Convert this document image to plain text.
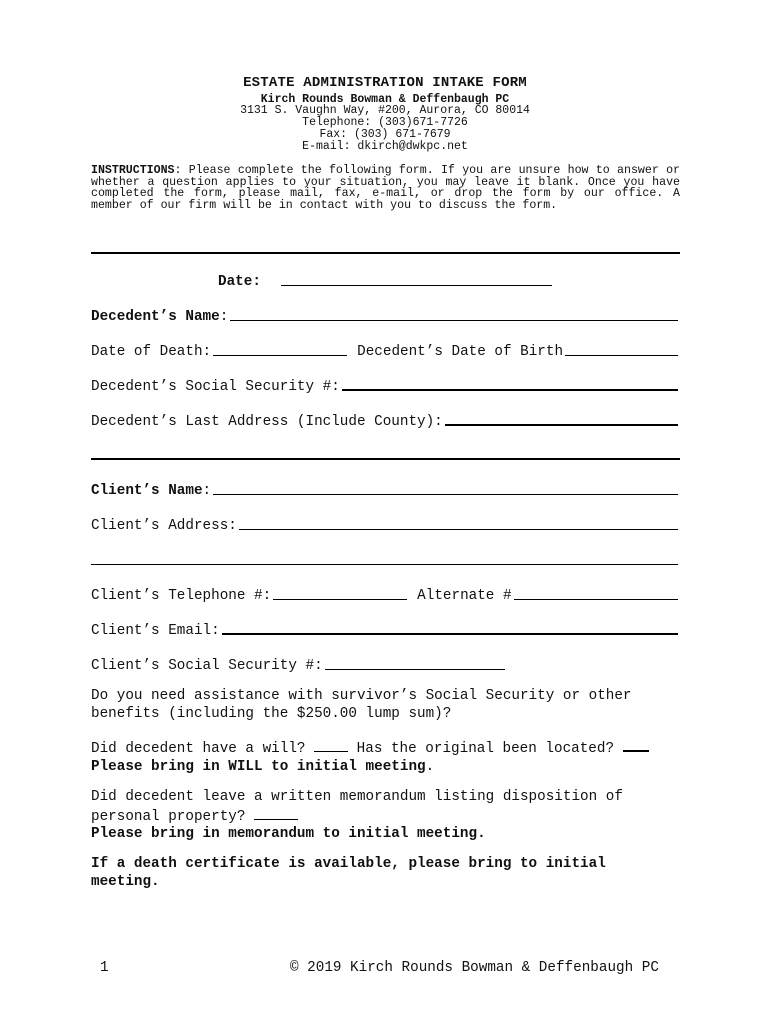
ESTATE ADMINISTRATION INTAKE FORM
Kirch Rounds Bowman & Deffenbaugh PC
3131 S. Vaughn Way, #200, Aurora, CO 80014
Telephone: (303)671-7726
Fax: (303) 671-7679
E-mail: dkirch@dwkpc.net
INSTRUCTIONS: Please complete the following form. If you are unsure how to answer or whether a question applies to your situation, you may leave it blank. Once you have completed the form, please mail, fax, e-mail, or drop the form by our office. A member of our firm will be in contact with you to discuss the form.
Date:
Decedent’s Name :
Date of Death:	Decedent’s Date of Birth
Decedent’s Social Security #:
Decedent’s Last Address (Include County):
Client’s Name :
Client’s Address:
Client’s Telephone #:	Alternate #
Client’s Email:
Client’s Social Security #:
Do you need assistance with survivor’s Social Security or other benefits (including the $250.00 lump sum)?
Did decedent have a will?  Has the original been located?
Please bring in WILL to initial meeting.
Did decedent leave a written memorandum listing disposition of personal property?
Please bring in memorandum to initial meeting.
If a death certificate is available, please bring to initial meeting.
1	© 2019 Kirch Rounds Bowman & Deffenbaugh PC
